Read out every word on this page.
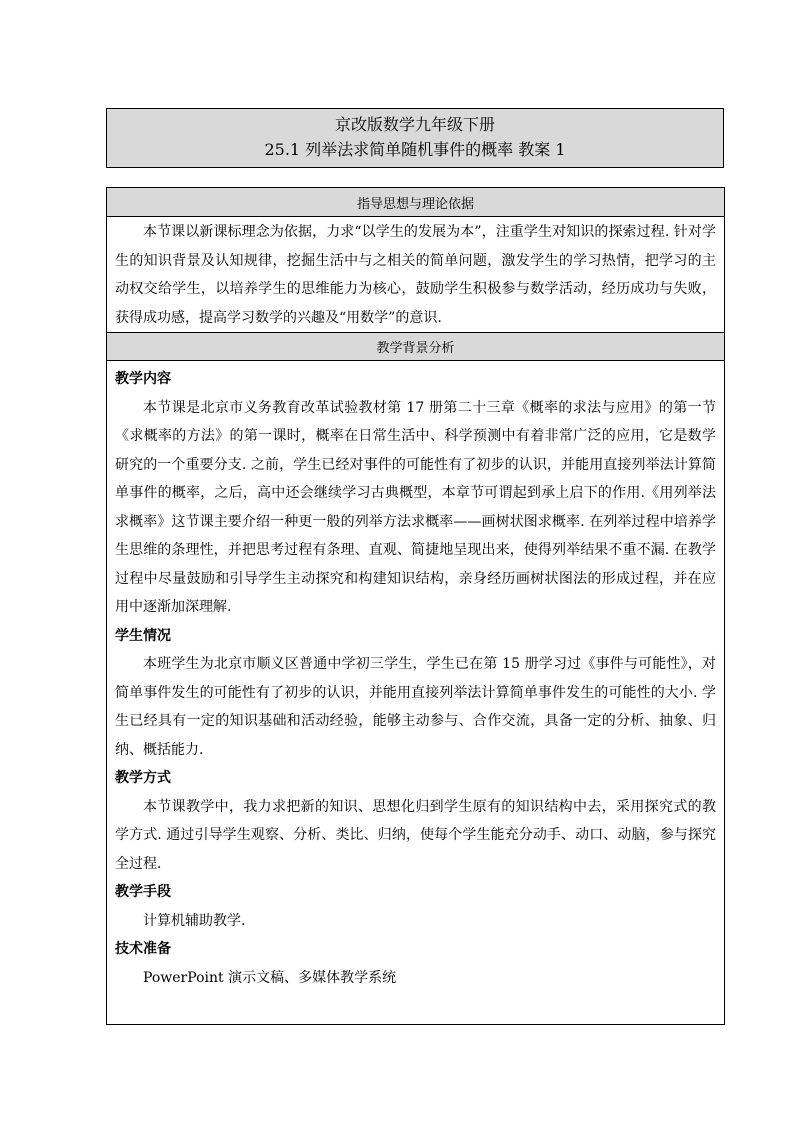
京改版数学九年级下册
25.1 列举法求简单随机事件的概率 教案 1
指导思想与理论依据

本节课以新课标理念为依据，力求“以学生的发展为本”，注重学生对知识的探索过程. 针对学生的知识背景及认知规律，挖掘生活中与之相关的简单问题，激发学生的学习热情，把学习的主动权交给学生，以培养学生的思维能力为核心，鼓励学生积极参与数学活动，经历成功与失败，获得成功感，提高学习数学的兴趣及“用数学”的意识.

教学背景分析

教学内容

本节课是北京市义务教育改革试验教材第 17 册第二十三章《概率的求法与应用》的第一节《求概率的方法》的第一课时，概率在日常生活中、科学预测中有着非常广泛的应用，它是数学研究的一个重要分支. 之前，学生已经对事件的可能性有了初步的认识，并能用直接列举法计算简单事件的概率，之后，高中还会继续学习古典概型，本章节可谓起到承上启下的作用.《用列举法求概率》这节课主要介绍一种更一般的列举方法求概率——画树状图求概率. 在列举过程中培养学生思维的条理性，并把思考过程有条理、直观、简捷地呈现出来，使得列举结果不重不漏. 在教学过程中尽量鼓励和引导学生主动探究和构建知识结构，亲身经历画树状图法的形成过程，并在应用中逐渐加深理解.

学生情况

本班学生为北京市顺义区普通中学初三学生，学生已在第 15 册学习过《事件与可能性》，对简单事件发生的可能性有了初步的认识，并能用直接列举法计算简单事件发生的可能性的大小. 学生已经具有一定的知识基础和活动经验，能够主动参与、合作交流，具备一定的分析、抽象、归纳、概括能力.

教学方式

本节课教学中，我力求把新的知识、思想化归到学生原有的知识结构中去，采用探究式的教学方式. 通过引导学生观察、分析、类比、归纳，使每个学生能充分动手、动口、动脑，参与探究全过程.

教学手段

计算机辅助教学.

技术准备

PowerPoint 演示文稿、多媒体教学系统
